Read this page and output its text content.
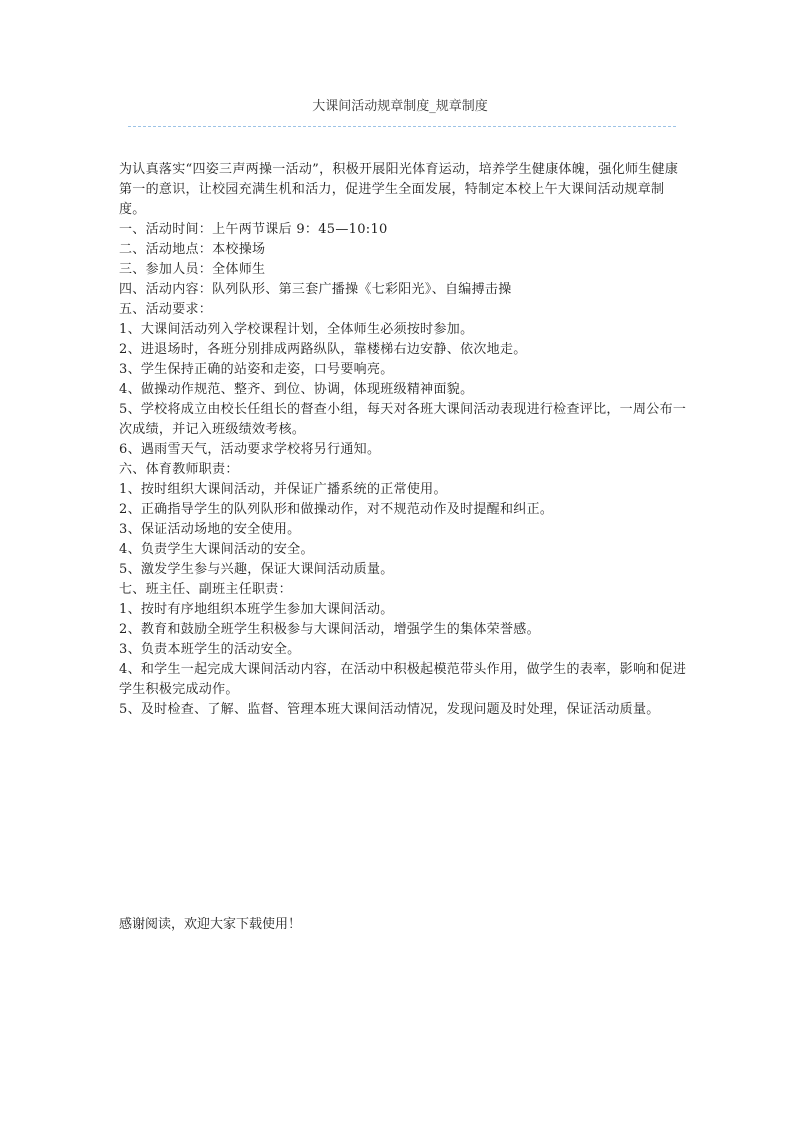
大课间活动规章制度_规章制度

为认真落实“四姿三声两操一活动”，积极开展阳光体育运动，培养学生健康体魄，强化师生健康第一的意识，让校园充满生机和活力，促进学生全面发展，特制定本校上午大课间活动规章制度。

一、活动时间：上午两节课后 9：45—10:10

二、活动地点：本校操场

三、参加人员：全体师生

四、活动内容：队列队形、第三套广播操《七彩阳光》、自编搏击操

五、活动要求：

1、大课间活动列入学校课程计划，全体师生必须按时参加。

2、进退场时，各班分别排成两路纵队，靠楼梯右边安静、依次地走。

3、学生保持正确的站姿和走姿，口号要响亮。

4、做操动作规范、整齐、到位、协调，体现班级精神面貌。

5、学校将成立由校长任组长的督查小组，每天对各班大课间活动表现进行检查评比，一周公布一次成绩，并记入班级绩效考核。

6、遇雨雪天气，活动要求学校将另行通知。

六、体育教师职责：

1、按时组织大课间活动，并保证广播系统的正常使用。

2、正确指导学生的队列队形和做操动作，对不规范动作及时提醒和纠正。

3、保证活动场地的安全使用。

4、负责学生大课间活动的安全。

5、激发学生参与兴趣，保证大课间活动质量。

七、班主任、副班主任职责：

1、按时有序地组织本班学生参加大课间活动。

2、教育和鼓励全班学生积极参与大课间活动，增强学生的集体荣誉感。

3、负责本班学生的活动安全。

4、和学生一起完成大课间活动内容，在活动中积极起模范带头作用，做学生的表率，影响和促进学生积极完成动作。

5、及时检查、了解、监督、管理本班大课间活动情况，发现问题及时处理，保证活动质量。

感谢阅读，欢迎大家下载使用！
